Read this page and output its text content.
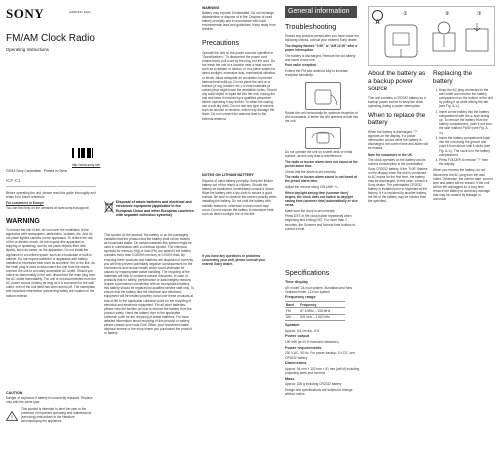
SONY	4-000-517-12(1)
FM/AM Clock Radio
Operating Instructions
©2015 Sony Corporation Printed in China
http://www.sony.net/
ICF-C1

Before operating the unit, please read this guide thoroughly and retain it for future reference.

For customers in Europe

You can find help on the websites at www.sony.eu/support/

WARNING
To reduce the risk of fire, do not cover the ventilation of the apparatus with newspapers, tablecloths, curtains, etc. And do not place lighted candles on the apparatus. To reduce the risk of fire or electric shock, do not expose this apparatus to dripping or splashing, and do not place objects filled with liquids, such as vases, on the apparatus. Do not install the appliance in a confined space, such as a bookcase or built-in cabinet. Do not expose batteries or apparatus with battery installed to excessive heat such as sunshine, fire or the like. As the main plug is used to disconnect the unit from the mains, connect the unit to an easily accessible AC outlet. Should you notice an abnormality in the unit, disconnect the main plug from the AC outlet immediately. The unit is not disconnected from the AC power source (mains) as long as it is connected to the wall outlet, even if the unit itself has been turned off. The nameplate and important information concerning safety are located on the bottom exterior.
CAUTION
Danger of explosion if battery is incorrectly replaced. Replace only with the same type.
!
This symbol is intended to alert the user to the presence of important operating and maintenance (servicing) instructions in the literature accompanying the appliance.
Disposal of waste batteries and electrical and electronic equipment (applicable in the European Union and other European countries with separate collection systems)
This symbol on the product, the battery or on the packaging indicates that the product and the battery shall not be treated as household waste. On certain batteries this symbol might be used in combination with a chemical symbol. The chemical symbols for mercury (Hg) or lead (Pb) are added if the battery contains more than 0.0005% mercury or 0.004% lead. By ensuring these products and batteries are disposed of correctly, you will help prevent potentially negative consequences for the environment and human health which could otherwise be caused by inappropriate waste handling. The recycling of the materials will help to conserve natural resources. In case of products that for safety, performance or data integrity reasons require a permanent connection with an incorporated battery, this battery should be replaced by qualified service staff only. To ensure that the battery and the electrical and electronic equipment will be treated properly, hand over these products at end-of-life to the applicable collection point for the recycling of electrical and electronic equipment. For all other batteries, please view the section on how to remove the battery from the product safely. Hand the battery over to the applicable collection point for the recycling of waste batteries. For more detailed information about recycling of this product or battery, please contact your local Civic Office, your household waste disposal service or the shop where you purchased the product or battery.
WARNING
Battery may explode if mistreated. Do not recharge, disassemble or dispose of in fire. Dispose of used battery promptly and in accordance with local environmental laws and guidelines. Keep away from children.
Precautions
Operate the unit on the power sources specified in "Specifications." To disconnect the power cord (mains lead), pull it out by the plug, not the cord. Do not leave the unit in a location near a heat source such as a radiator or airduct, or in a place subject to direct sunlight, excessive dust, mechanical vibration, or shock. Allow adequate air circulation to prevent internal heat build-up. Do not place the unit on a surface (a rug, blanket, etc.) or near materials (a curtain) that might block the ventilation holes. Should any solid object or liquid fall into the unit, unplug the unit and have it checked by a qualified personnel before operating it any further. To clean the casing, use a soft dry cloth. Do not use any type of solvent, such as alcohol or benzine, which may damage the finish. Do not connect the antenna lead to the external antenna.
NOTES ON LITHIUM BATTERY
Dispose of used battery promptly. Keep the lithium battery out of the reach of children. Should the battery be swallowed, immediately consult a doctor. Wipe the battery with a dry cloth to assure a good contact. Be sure to observe the correct polarity when installing the battery. Do not hold the battery with metallic tweezers, otherwise a short-circuit may occur. Do not expose the battery to excessive heat such as direct sunlight, fire or the like.
If you have any questions or problems concerning your unit, please consult your nearest Sony dealer.
General information
Troubleshooting

Should any problem persist after you have made the following checks, consult your nearest Sony dealer.

The display flashes "0:00" or "AM 12:00" after a power interruption.

The battery is discharged. Remove the old battery and insert a new one.

Poor radio reception.

Extend the FM wire antenna fully to increase reception sensitivity.

Rotate the unit horizontally for optimum reception of AM broadcasts. A ferrite bar AM antenna is built into the unit.

Do not operate the unit on a steel desk or metal surface, as this may lead to interference.

The radio or buzzer alarm does not sound at the preset alarm time.

Check that the alarm is set correctly.

The radio or buzzer alarm sound is not heard at the preset alarm time.

Adjust the volume using VOLUME +/–.

When daylight saving time (summer time) begins, the clock does not switch to daylight saving time (summer time) automatically or vice versa.

Make sure the clock is set correctly.

Press DST or the clock button repeatedly when beginning and ending DST. For more than 3 seconds, the Summer and Normal time buttons to correct a time.

Specifications

Time display

UK model: 24-hour system. Australian and New Zealand model: 12-hour system

Frequency range

Band	Frequency
FM	87.5 MHz – 108 MHz
AM	531 kHz – 1 602 kHz

Speaker

Approx. 5.6 cm dia., 8 Ω

Power output

100 mW (at 10 % harmonic distortion)

Power requirements

230 V AC, 50 Hz. For power backup: 3 V DC, one CR2032 battery

Dimensions

Approx. 94 mm × 102 mm × 91 mm (w/h/d) including projecting parts and controls

Mass

Approx. 326 g including CR2032 battery

Design and specifications are subject to change without notice.

A
①	②	③
About the battery as a backup power source
This unit contains a CR2032 battery as a backup power source to keep the clock operating during a power interruption.
When to replace the battery
When the battery is discharged, "?" appears on the display. If a power interruption occurs while the battery is discharged, the current time and alarm will be erased.
Note for customers in the UK
The clock operates on the battery and its current consumption is the preinstalled Sony CR2032 battery. If the "0:00" flashes on the display when the unit is connected to AC mains for the first time, the battery may be discharged. In this case, consult a Sony dealer. The preinstalled CR2032 battery is installed prior to shipment at the factory. If it is replaced by another battery, the life of the battery may be shorter than the specified.
Replacing the battery
1. Keep the AC plug connected to the wall outlet and remove the battery compartment on the bottom of the unit by pulling it up while sliding the tab (see Fig. A-①).
2. Insert a new battery into the battery compartment with the ⊕ side facing up. To remove the battery from the battery compartment, push it out from the side marked PUSH (see Fig. A-②).
3. Insert the battery compartment back into the unit along the groove and push it from above until it clicks (see Fig. A-③). The clock is in the battery compartment.
4. Press FOLDER to remove "?" from the display.
When you remove the battery, do not disconnect the AC plug from the wall outlet. Otherwise, the current date, current time and alarm will be erased. If the unit will be left unplugged for a long time, remove the battery to avoid any damage that may be caused by leakage or corrosion.
